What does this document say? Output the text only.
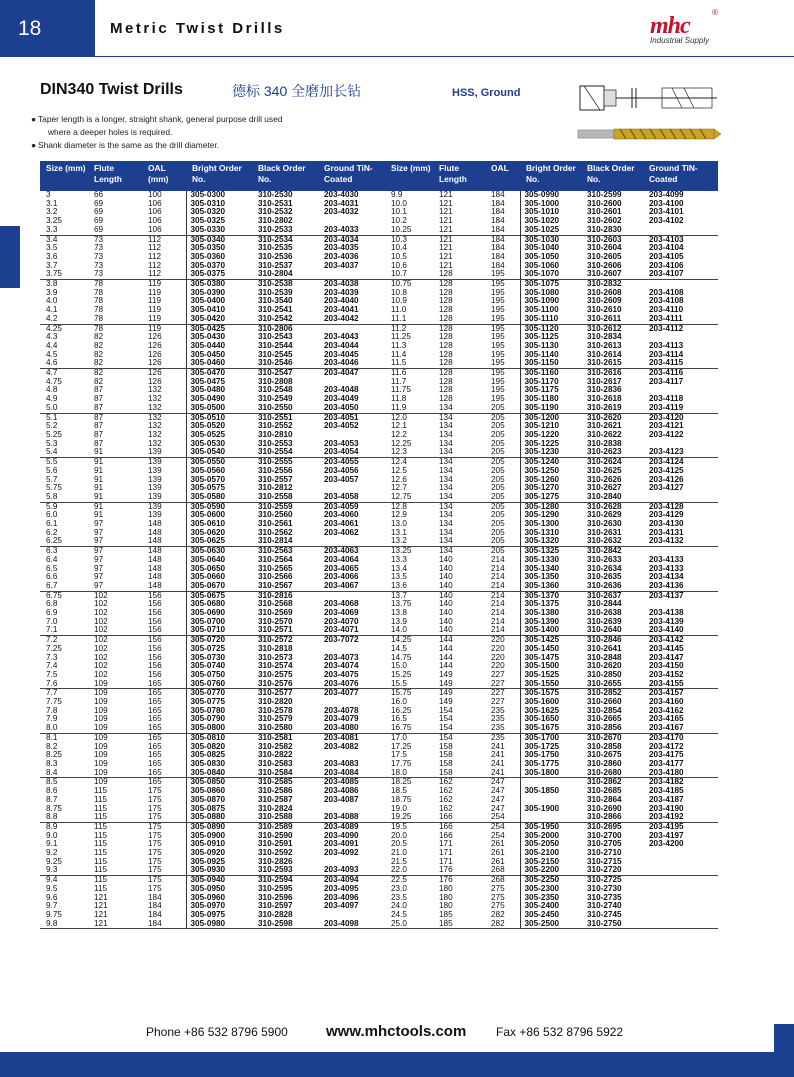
18	Metric Twist Drills	mhc
®
Industrial Supply
DIN340 Twist Drills	德标 340 全磨加长钻	HSS, Ground
● Taper length is a longer, straight shank, general purpose drill used
where a deeper holes is required.
● Shank diameter is the same as the drill diameter.
Size (mm)	Flute Length	OAL (mm)	Bright Order No.	Black Order No.	Ground TiN-Coated	Size (mm)	Flute Length	OAL	Bright Order No.	Black Order No.	Ground TiN-Coated
3	66	100	305-0300	310-2530	203-4030	9.9	121	184	305-0990	310-2599	203-4099
3.1	69	106	305-0310	310-2531	203-4031	10.0	121	184	305-1000	310-2600	203-4100
3.2	69	106	305-0320	310-2532	203-4032	10.1	121	184	305-1010	310-2601	203-4101
3.25	69	106	305-0325	310-2802		10.2	121	184	305-1020	310-2602	203-4102
3.3	69	106	305-0330	310-2533	203-4033	10.25	121	184	305-1025	310-2830	
3.4	73	112	305-0340	310-2534	203-4034	10.3	121	184	305-1030	310-2603	203-4103
3.5	73	112	305-0350	310-2535	203-4035	10.4	121	184	305-1040	310-2604	203-4104
3.6	73	112	305-0360	310-2536	203-4036	10.5	121	184	305-1050	310-2605	203-4105
3.7	73	112	305-0370	310-2537	203-4037	10.6	121	184	305-1060	310-2606	203-4106
3.75	73	112	305-0375	310-2804		10.7	128	195	305-1070	310-2607	203-4107
3.8	78	119	305-0380	310-2538	203-4038	10.75	128	195	305-1075	310-2832	
3.9	78	119	305-0390	310-2539	203-4039	10.8	128	195	305-1080	310-2608	203-4108
4.0	78	119	305-0400	310-3540	203-4040	10.9	128	195	305-1090	310-2609	203-4108
4.1	78	119	305-0410	310-2541	203-4041	11.0	128	195	305-1100	310-2610	203-4110
4.2	78	119	305-0420	310-2542	203-4042	11.1	128	195	305-1110	310-2611	203-4111
4.25	78	119	305-0425	310-2806		11.2	128	195	305-1120	310-2612	203-4112
4.3	82	126	305-0430	310-2543	203-4043	11.25	128	195	305-1125	310-2834	
4.4	82	126	305-0440	310-2544	203-4044	11.3	128	195	305-1130	310-2613	203-4113
4.5	82	126	305-0450	310-2545	203-4045	11.4	128	195	305-1140	310-2614	203-4114
4.6	82	126	305-0460	310-2546	203-4046	11.5	128	195	305-1150	310-2615	203-4115
4.7	82	126	305-0470	310-2547	203-4047	11.6	128	195	305-1160	310-2616	203-4116
4.75	82	126	305-0475	310-2808		11.7	128	195	305-1170	310-2617	203-4117
4.8	87	132	305-0480	310-2548	203-4048	11.75	128	195	305-1175	310-2836	
4.9	87	132	305-0490	310-2549	203-4049	11.8	128	195	305-1180	310-2618	203-4118
5.0	87	132	305-0500	310-2550	203-4050	11.9	134	205	305-1190	310-2619	203-4119
5.1	87	132	305-0510	310-2551	203-4051	12.0	134	205	305-1200	310-2620	203-4120
5.2	87	132	305-0520	310-2552	203-4052	12.1	134	205	305-1210	310-2621	203-4121
5.25	87	132	305-0525	310-2810		12.2	134	205	305-1220	310-2622	203-4122
5.3	87	132	305-0530	310-2553	203-4053	12.25	134	205	305-1225	310-2838	
5.4	91	139	305-0540	310-2554	203-4054	12.3	134	205	305-1230	310-2623	203-4123
5.5	91	139	305-0550	310-2555	203-4055	12.4	134	205	305-1240	310-2624	203-4124
5.6	91	139	305-0560	310-2556	203-4056	12.5	134	205	305-1250	310-2625	203-4125
5.7	91	139	305-0570	310-2557	203-4057	12.6	134	205	305-1260	310-2626	203-4126
5.75	91	139	305-0575	310-2812		12.7	134	205	305-1270	310-2627	203-4127
5.8	91	139	305-0580	310-2558	203-4058	12.75	134	205	305-1275	310-2840	
5.9	91	139	305-0590	310-2559	203-4059	12.8	134	205	305-1280	310-2628	203-4128
6.0	91	139	305-0600	310-2560	203-4060	12.9	134	205	305-1290	310-2629	203-4129
6.1	97	148	305-0610	310-2561	203-4061	13.0	134	205	305-1300	310-2630	203-4130
6.2	97	148	305-0620	310-2562	203-4062	13.1	134	205	305-1310	310-2631	203-4131
6.25	97	148	305-0625	310-2814		13.2	134	205	305-1320	310-2632	203-4132
6.3	97	148	305-0630	310-2563	203-4063	13.25	134	205	305-1325	310-2842	
6.4	97	148	305-0640	310-2564	203-4064	13.3	140	214	305-1330	310-2633	203-4133
6.5	97	148	305-0650	310-2565	203-4065	13.4	140	214	305-1340	310-2634	203-4133
6.6	97	148	305-0660	310-2566	203-4066	13.5	140	214	305-1350	310-2635	203-4134
6.7	97	148	305-0670	310-2567	203-4067	13.6	140	214	305-1360	310-2636	203-4136
6.75	102	156	305-0675	310-2816		13.7	140	214	305-1370	310-2637	203-4137
6.8	102	156	305-0680	310-2568	203-4068	13.75	140	214	305-1375	310-2844	
6.9	102	156	305-0690	310-2569	203-4069	13.8	140	214	305-1380	310-2638	203-4138
7.0	102	156	305-0700	310-2570	203-4070	13.9	140	214	305-1390	310-2639	203-4139
7.1	102	156	305-0710	310-2571	203-4071	14.0	140	214	305-1400	310-2640	203-4140
7.2	102	156	305-0720	310-2572	203-7072	14.25	144	220	305-1425	310-2846	203-4142
7.25	102	156	305-0725	310-2818		14.5	144	220	305-1450	310-2641	203-4145
7.3	102	156	305-0730	310-2573	203-4073	14.75	144	220	305-1475	310-2848	203-4147
7.4	102	156	305-0740	310-2574	203-4074	15.0	144	220	305-1500	310-2620	203-4150
7.5	102	156	305-0750	310-2575	203-4075	15.25	149	227	305-1525	310-2850	203-4152
7.6	109	165	305-0760	310-2576	203-4076	15.5	149	227	305-1550	310-2655	203-4155
7.7	109	165	305-0770	310-2577	203-4077	15.75	149	227	305-1575	310-2852	203-4157
7.75	109	165	305-0775	310-2820		16.0	149	227	305-1600	310-2660	203-4160
7.8	109	165	305-0780	310-2578	203-4078	16.25	154	235	305-1625	310-2854	203-4162
7.9	109	165	305-0790	310-2579	203-4079	16.5	154	235	305-1650	310-2665	203-4165
8.0	109	165	305-0800	310-2580	203-4080	16.75	154	235	305-1675	310-2856	203-4167
8.1	109	165	305-0810	310-2581	203-4081	17.0	154	235	305-1700	310-2670	203-4170
8.2	109	165	305-0820	310-2582	203-4082	17.25	158	241	305-1725	310-2858	203-4172
8.25	109	165	305-0825	310-2822		17.5	158	241	305-1750	310-2675	203-4175
8.3	109	165	305-0830	310-2583	203-4083	17.75	158	241	305-1775	310-2860	203-4177
8.4	109	165	305-0840	310-2584	203-4084	18.0	158	241	305-1800	310-2680	203-4180
8.5	109	165	305-0850	310-2585	203-4085	18.25	162	247		310-2862	203-4182
8.6	115	175	305-0860	310-2586	203-4086	18.5	162	247	305-1850	310-2685	203-4185
8.7	115	175	305-0870	310-2587	203-4087	18.75	162	247		310-2864	203-4187
8.75	115	175	305-0875	310-2824		19.0	162	247	305-1900	310-2690	203-4190
8.8	115	175	305-0880	310-2588	203-4088	19.25	166	254		310-2866	203-4192
8.9	115	175	305-0890	310-2589	203-4089	19.5	166	254	305-1950	310-2695	203-4195
9.0	115	175	305-0900	310-2590	203-4090	20.0	166	254	305-2000	310-2700	203-4197
9.1	115	175	305-0910	310-2591	203-4091	20.5	171	261	305-2050	310-2705	203-4200
9.2	115	175	305-0920	310-2592	203-4092	21.0	171	261	305-2100	310-2710	
9.25	115	175	305-0925	310-2826		21.5	171	261	305-2150	310-2715	
9.3	115	175	305-0930	310-2593	203-4093	22.0	176	268	305-2200	310-2720	
9.4	115	175	305-0940	310-2594	203-4094	22.5	176	268	305-2250	310-2725	
9.5	115	175	305-0950	310-2595	203-4095	23.0	180	275	305-2300	310-2730	
9.6	121	184	305-0960	310-2596	203-4096	23.5	180	275	305-2350	310-2735	
9.7	121	184	305-0970	310-2597	203-4097	24.0	180	275	305-2400	310-2740	
9.75	121	184	305-0975	310-2828		24.5	185	282	305-2450	310-2745	
9.8	121	184	305-0980	310-2598	203-4098	25.0	185	282	305-2500	310-2750	
Phone +86 532 8796 5900	www.mhctools.com Fax +86 532 8796 5922
